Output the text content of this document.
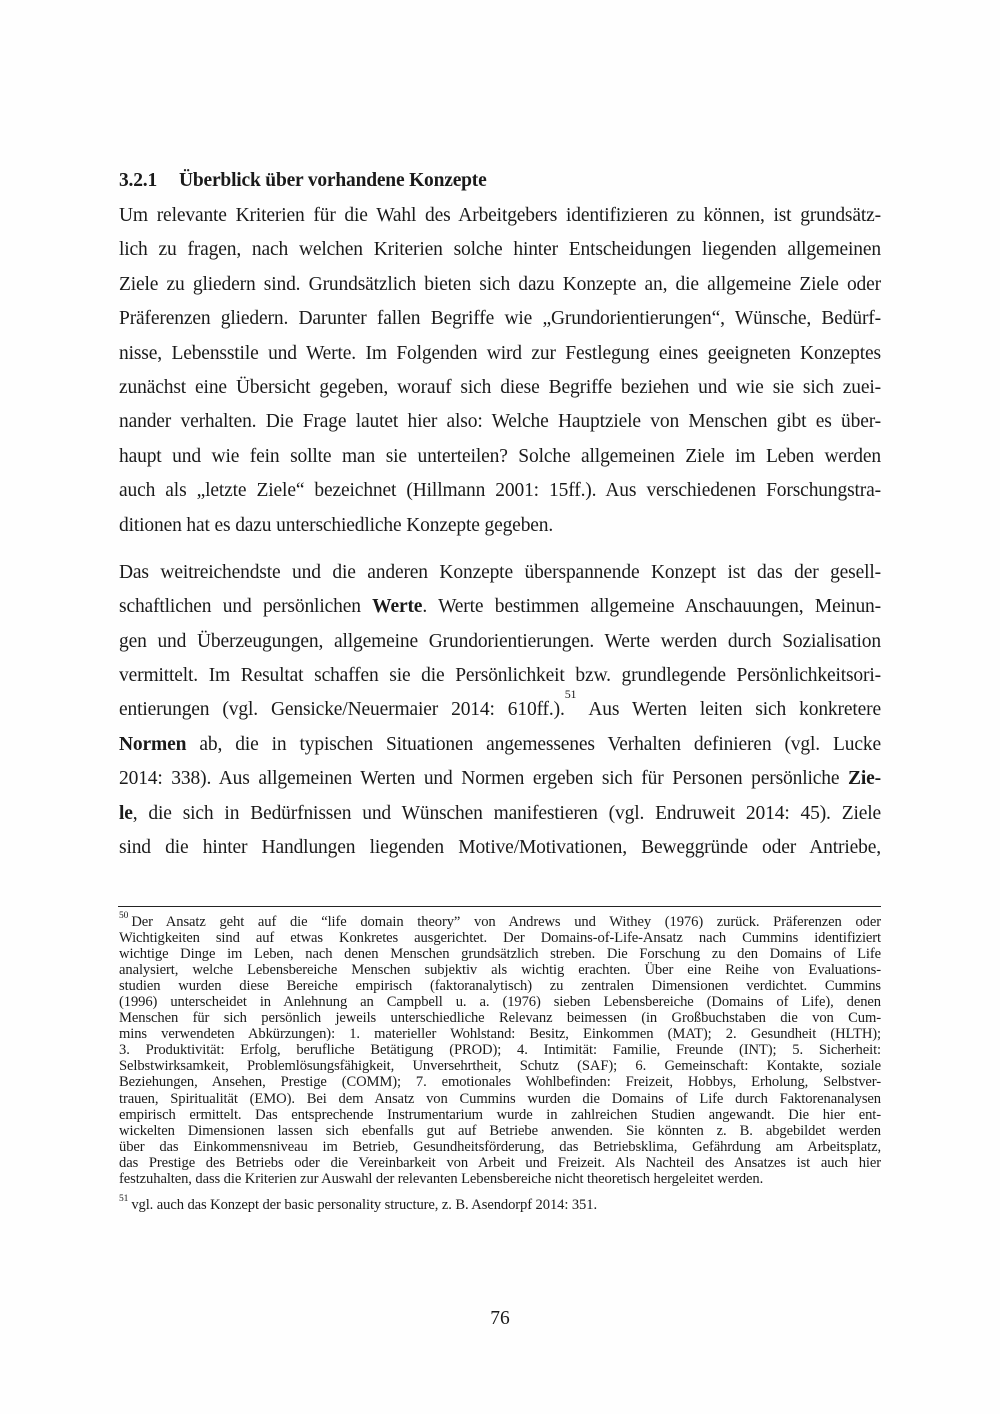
3.2.1	Überblick über vorhandene Konzepte

Um relevante Kriterien für die Wahl des Arbeitgebers identifizieren zu können, ist grundsätz-
lich zu fragen, nach welchen Kriterien solche hinter Entscheidungen liegenden allgemeinen
Ziele zu gliedern sind. Grundsätzlich bieten sich dazu Konzepte an, die allgemeine Ziele oder
Präferenzen gliedern. Darunter fallen Begriffe wie „Grundorientierungen“, Wünsche, Bedürf-
nisse, Lebensstile und Werte. Im Folgenden wird zur Festlegung eines geeigneten Konzeptes
zunächst eine Übersicht gegeben, worauf sich diese Begriffe beziehen und wie sie sich zuei-
nander verhalten. Die Frage lautet hier also: Welche Hauptziele von Menschen gibt es über-
haupt und wie fein sollte man sie unterteilen? Solche allgemeinen Ziele im Leben werden
auch als „letzte Ziele“ bezeichnet (Hillmann 2001: 15ff.). Aus verschiedenen Forschungstra-
ditionen hat es dazu unterschiedliche Konzepte gegeben.

Das weitreichendste und die anderen Konzepte überspannende Konzept ist das der gesell-
schaftlichen und persönlichen Werte. Werte bestimmen allgemeine Anschauungen, Meinun-
gen und Überzeugungen, allgemeine Grundorientierungen. Werte werden durch Sozialisation
vermittelt. Im Resultat schaffen sie die Persönlichkeit bzw. grundlegende Persönlichkeitsori-
entierungen (vgl. Gensicke/Neuermaier 2014: 610ff.).$^{51}$ Aus Werten leiten sich konkretere
Normen ab, die in typischen Situationen angemessenes Verhalten definieren (vgl. Lucke
2014: 338). Aus allgemeinen Werten und Normen ergeben sich für Personen persönliche Zie-
le, die sich in Bedürfnissen und Wünschen manifestieren (vgl. Endruweit 2014: 45). Ziele
sind die hinter Handlungen liegenden Motive/Motivationen, Beweggründe oder Antriebe,

$^{50}$ Der Ansatz geht auf die “life domain theory” von Andrews und Withey (1976) zurück. Präferenzen oder
Wichtigkeiten sind auf etwas Konkretes ausgerichtet. Der Domains-of-Life-Ansatz nach Cummins identifiziert
wichtige Dinge im Leben, nach denen Menschen grundsätzlich streben. Die Forschung zu den Domains of Life
analysiert, welche Lebensbereiche Menschen subjektiv als wichtig erachten. Über eine Reihe von Evaluations-
studien wurden diese Bereiche empirisch (faktoranalytisch) zu zentralen Dimensionen verdichtet. Cummins
(1996) unterscheidet in Anlehnung an Campbell u. a. (1976) sieben Lebensbereiche (Domains of Life), denen
Menschen für sich persönlich jeweils unterschiedliche Relevanz beimessen (in Großbuchstaben die von Cum-
mins verwendeten Abkürzungen): 1. materieller Wohlstand: Besitz, Einkommen (MAT); 2. Gesundheit (HLTH);
3. Produktivität: Erfolg, berufliche Betätigung (PROD); 4. Intimität: Familie, Freunde (INT); 5. Sicherheit:
Selbstwirksamkeit, Problemlösungsfähigkeit, Unversehrtheit, Schutz (SAF); 6. Gemeinschaft: Kontakte, soziale
Beziehungen, Ansehen, Prestige (COMM); 7. emotionales Wohlbefinden: Freizeit, Hobbys, Erholung, Selbstver-
trauen, Spiritualität (EMO). Bei dem Ansatz von Cummins wurden die Domains of Life durch Faktorenanalysen
empirisch ermittelt. Das entsprechende Instrumentarium wurde in zahlreichen Studien angewandt. Die hier ent-
wickelten Dimensionen lassen sich ebenfalls gut auf Betriebe anwenden. Sie könnten z. B. abgebildet werden
über das Einkommensniveau im Betrieb, Gesundheitsförderung, das Betriebsklima, Gefährdung am Arbeitsplatz,
das Prestige des Betriebs oder die Vereinbarkeit von Arbeit und Freizeit. Als Nachteil des Ansatzes ist auch hier
festzuhalten, dass die Kriterien zur Auswahl der relevanten Lebensbereiche nicht theoretisch hergeleitet werden.

$^{51}$ vgl. auch das Konzept der basic personality structure, z. B. Asendorpf 2014: 351.

76
